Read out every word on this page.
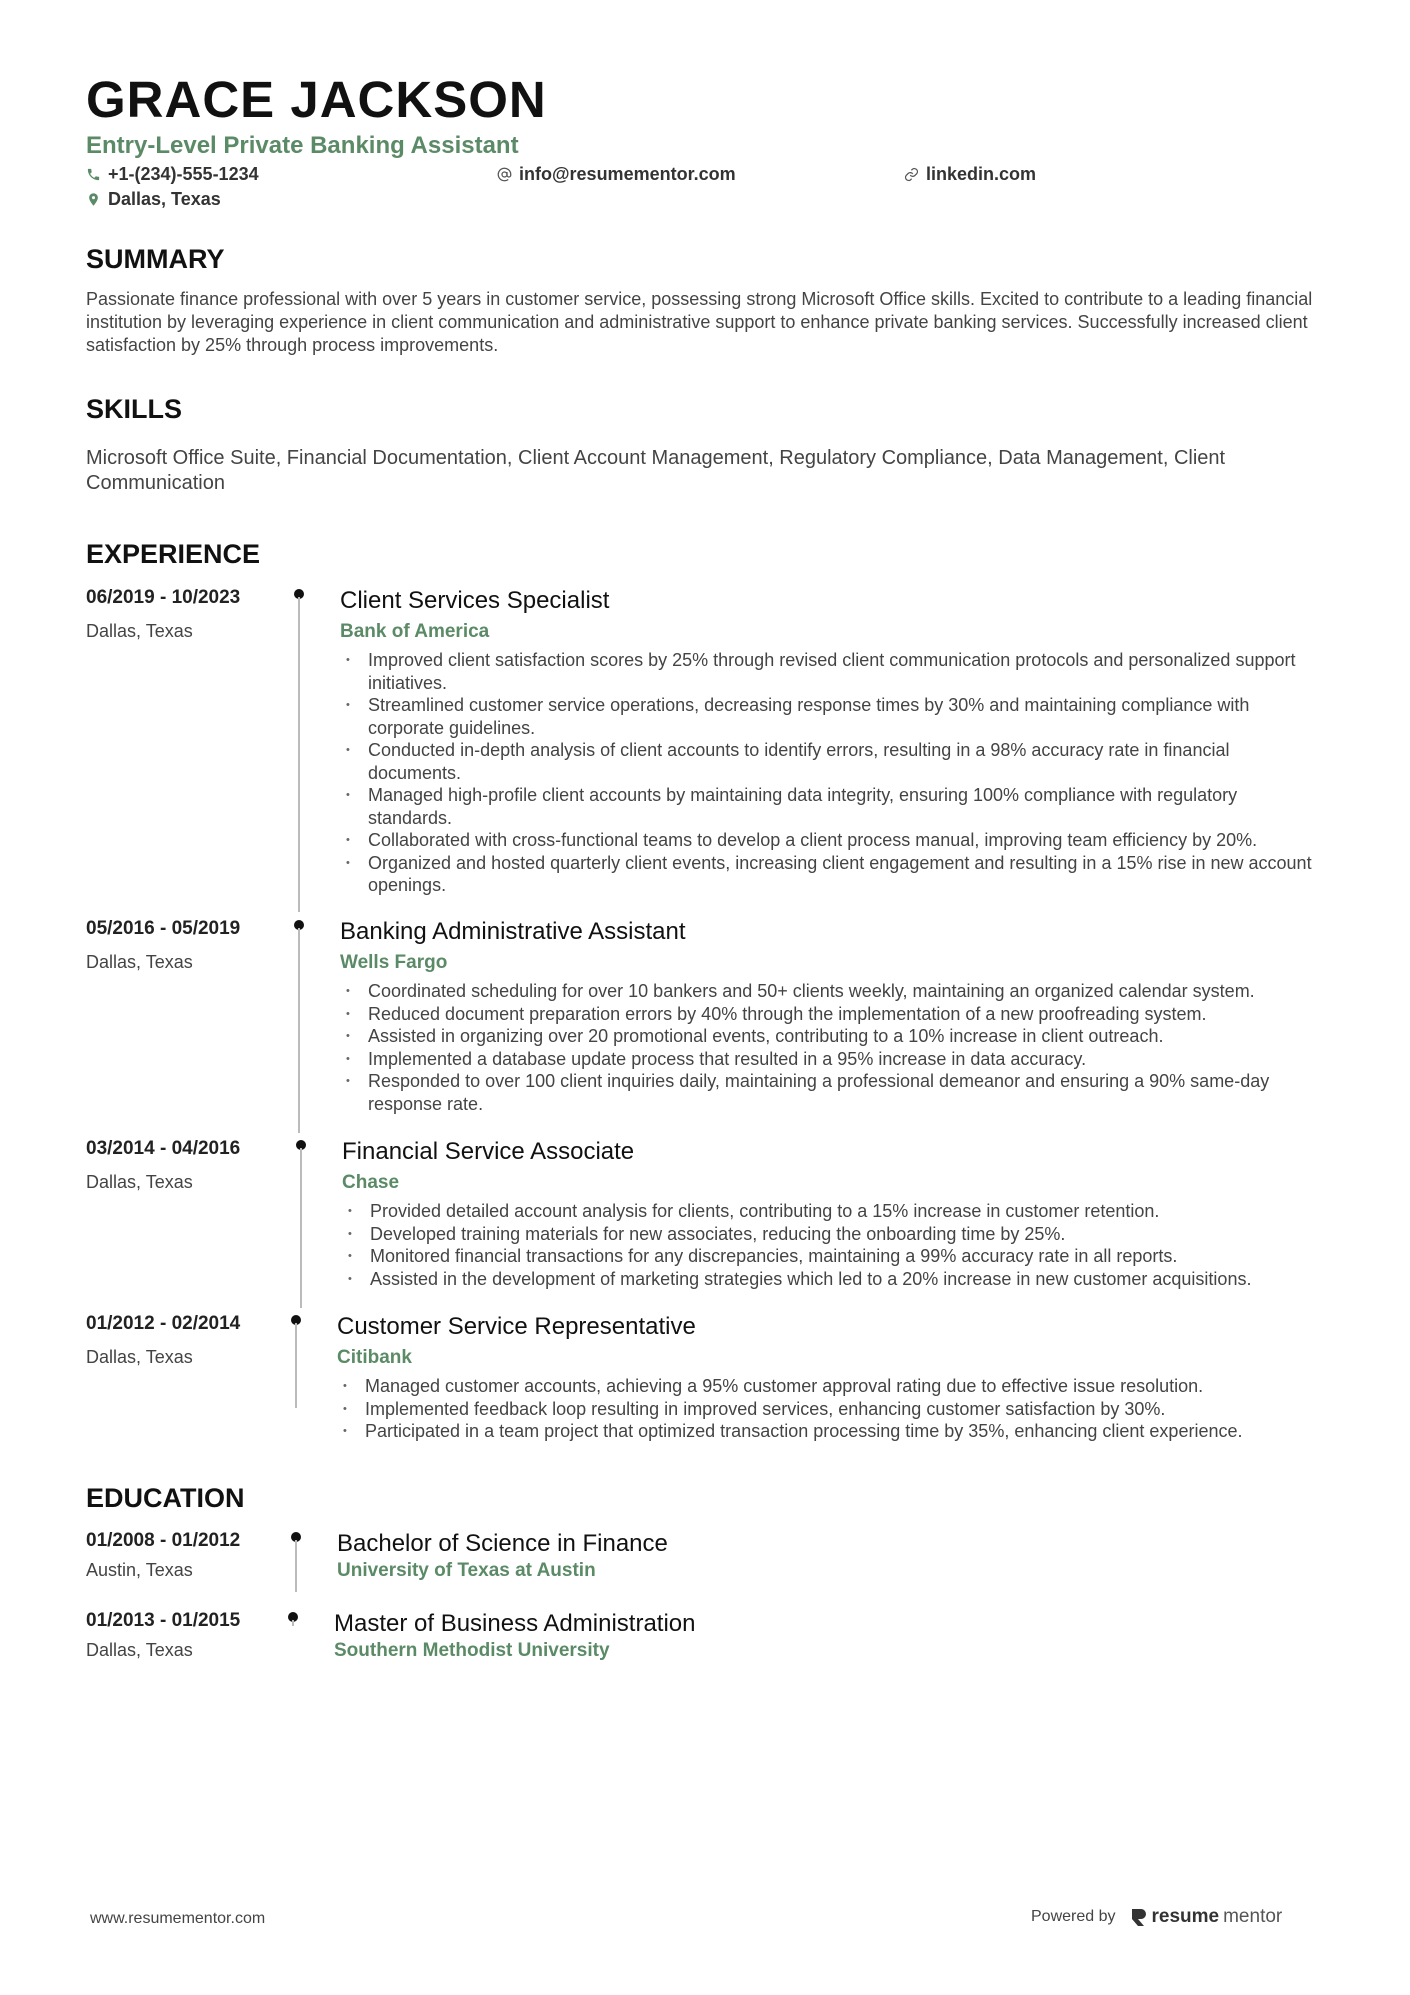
GRACE JACKSON
Entry-Level Private Banking Assistant
+1-(234)-555-1234	info@resumementor.com	linkedin.com
Dallas, Texas
SUMMARY
Passionate finance professional with over 5 years in customer service, possessing strong Microsoft Office skills. Excited to contribute to a leading financial institution by leveraging experience in client communication and administrative support to enhance private banking services. Successfully increased client satisfaction by 25% through process improvements.
SKILLS
Microsoft Office Suite, Financial Documentation, Client Account Management, Regulatory Compliance, Data Management, Client Communication
EXPERIENCE
06/2019 - 10/2023
Dallas, Texas
Client Services Specialist
Bank of America
• Improved client satisfaction scores by 25% through revised client communication protocols and personalized support initiatives.
• Streamlined customer service operations, decreasing response times by 30% and maintaining compliance with corporate guidelines.
• Conducted in-depth analysis of client accounts to identify errors, resulting in a 98% accuracy rate in financial documents.
• Managed high-profile client accounts by maintaining data integrity, ensuring 100% compliance with regulatory standards.
• Collaborated with cross-functional teams to develop a client process manual, improving team efficiency by 20%.
• Organized and hosted quarterly client events, increasing client engagement and resulting in a 15% rise in new account openings.
05/2016 - 05/2019
Dallas, Texas
Banking Administrative Assistant
Wells Fargo
• Coordinated scheduling for over 10 bankers and 50+ clients weekly, maintaining an organized calendar system.
• Reduced document preparation errors by 40% through the implementation of a new proofreading system.
• Assisted in organizing over 20 promotional events, contributing to a 10% increase in client outreach.
• Implemented a database update process that resulted in a 95% increase in data accuracy.
• Responded to over 100 client inquiries daily, maintaining a professional demeanor and ensuring a 90% same-day response rate.
03/2014 - 04/2016
Dallas, Texas
Financial Service Associate
Chase
• Provided detailed account analysis for clients, contributing to a 15% increase in customer retention.
• Developed training materials for new associates, reducing the onboarding time by 25%.
• Monitored financial transactions for any discrepancies, maintaining a 99% accuracy rate in all reports.
• Assisted in the development of marketing strategies which led to a 20% increase in new customer acquisitions.
01/2012 - 02/2014
Dallas, Texas
Customer Service Representative
Citibank
• Managed customer accounts, achieving a 95% customer approval rating due to effective issue resolution.
• Implemented feedback loop resulting in improved services, enhancing customer satisfaction by 30%.
• Participated in a team project that optimized transaction processing time by 35%, enhancing client experience.
EDUCATION
01/2008 - 01/2012
Austin, Texas
Bachelor of Science in Finance
University of Texas at Austin
01/2013 - 01/2015
Dallas, Texas
Master of Business Administration
Southern Methodist University
www.resumementor.com	Powered by resume mentor
